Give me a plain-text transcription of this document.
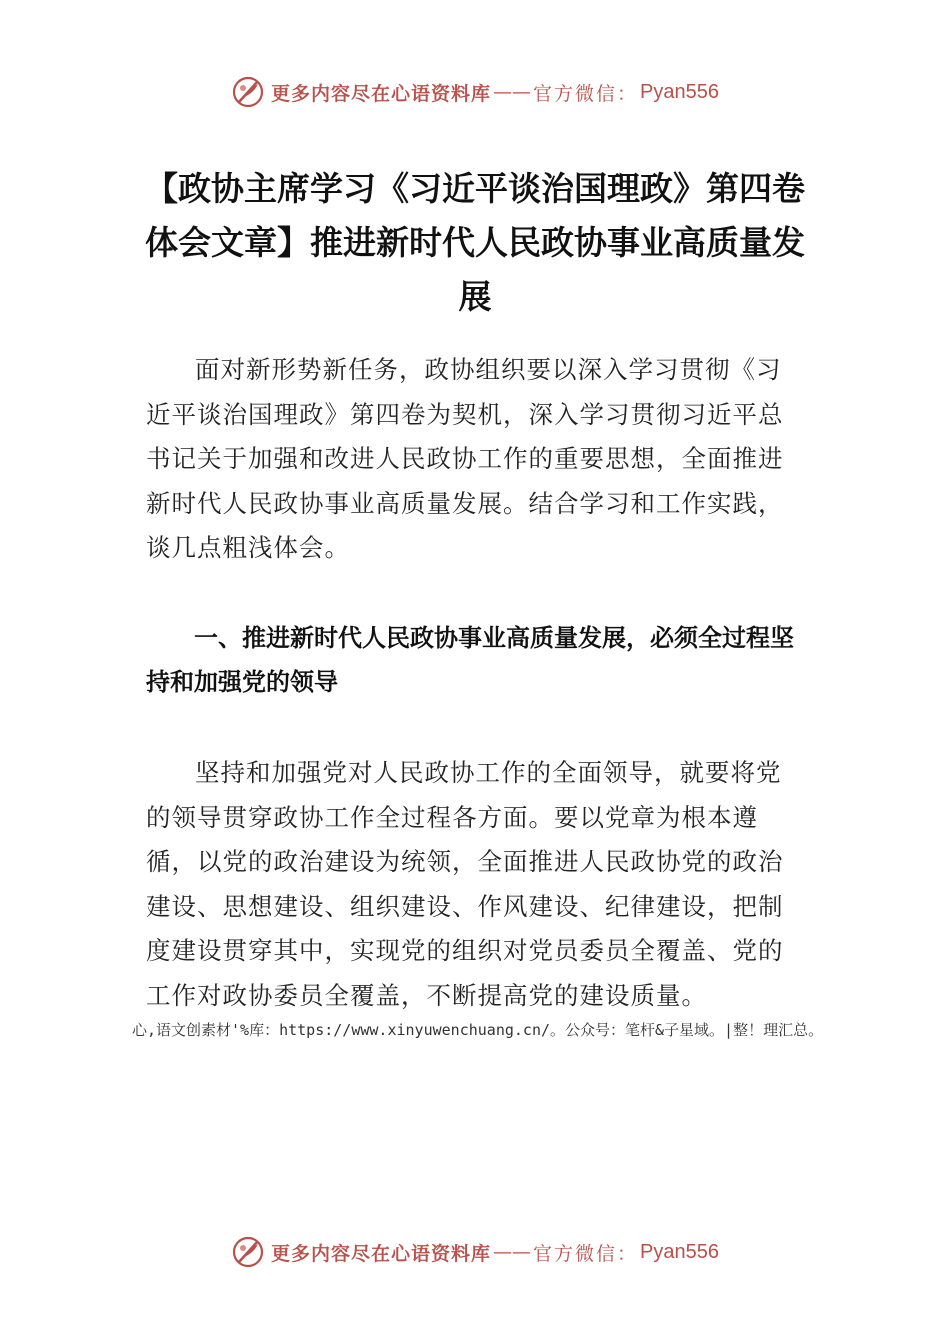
更多内容尽在心语资料库 —— 官方微信： Pyan556
【政协主席学习《习近平谈治国理政》第四卷体会文章】推进新时代人民政协事业高质量发展

面对新形势新任务，政协组织要以深入学习贯彻《习近平谈治国理政》第四卷为契机，深入学习贯彻习近平总书记关于加强和改进人民政协工作的重要思想，全面推进新时代人民政协事业高质量发展。结合学习和工作实践，谈几点粗浅体会。

一、推进新时代人民政协事业高质量发展，必须全过程坚持和加强党的领导

坚持和加强党对人民政协工作的全面领导，就要将党的领导贯穿政协工作全过程各方面。要以党章为根本遵循，以党的政治建设为统领，全面推进人民政协党的政治建设、思想建设、组织建设、作风建设、纪律建设，把制度建设贯穿其中，实现党的组织对党员委员全覆盖、党的工作对政协委员全覆盖，不断提高党的建设质量。

心,语文创素材'%库：https://www.xinyuwenchuang.cn/。公众号：笔杆&子星域。|整！理汇总。

更多内容尽在心语资料库 —— 官方微信： Pyan556
